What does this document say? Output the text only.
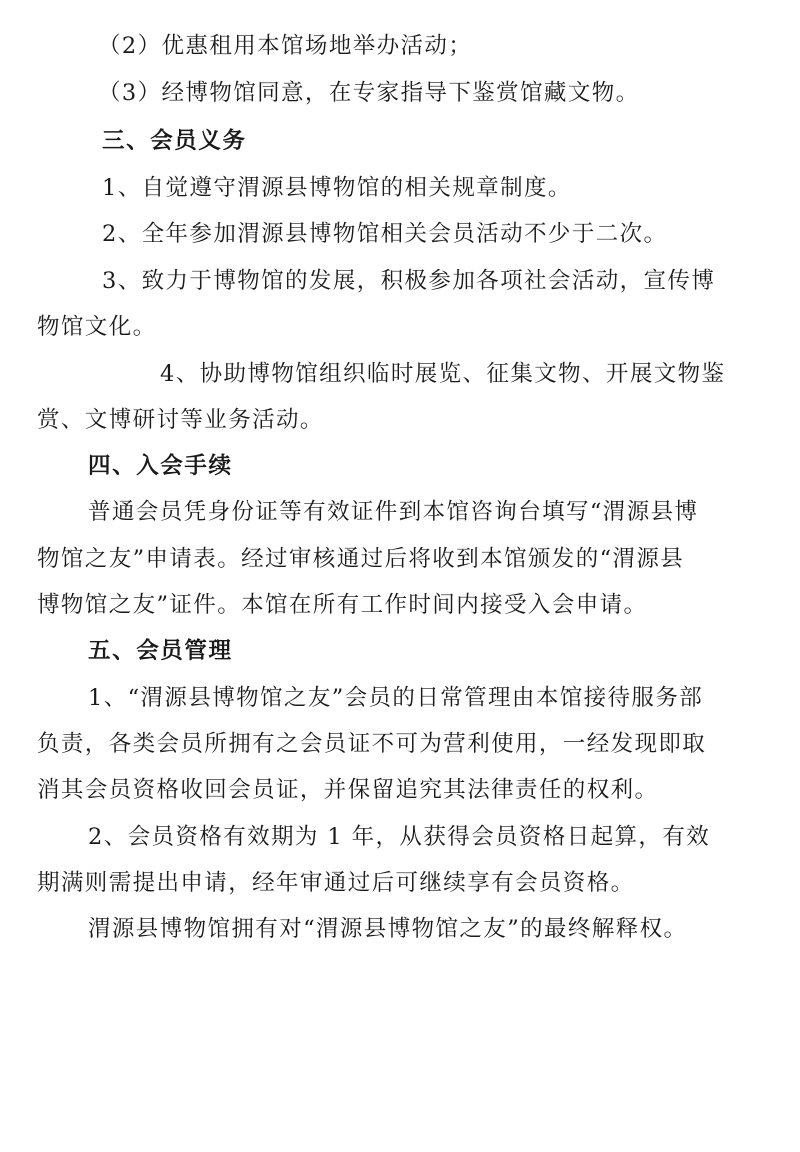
（2）优惠租用本馆场地举办活动；
（3）经博物馆同意，在专家指导下鉴赏馆藏文物。
三、会员义务
1、自觉遵守渭源县博物馆的相关规章制度。
2、全年参加渭源县博物馆相关会员活动不少于二次。
3、致力于博物馆的发展，积极参加各项社会活动，宣传博
物馆文化。
4、协助博物馆组织临时展览、征集文物、开展文物鉴
赏、文博研讨等业务活动。
四、入会手续
普通会员凭身份证等有效证件到本馆咨询台填写“渭源县博
物馆之友”申请表。经过审核通过后将收到本馆颁发的“渭源县
博物馆之友”证件。本馆在所有工作时间内接受入会申请。
五、会员管理
1、“渭源县博物馆之友”会员的日常管理由本馆接待服务部
负责，各类会员所拥有之会员证不可为营利使用，一经发现即取
消其会员资格收回会员证，并保留追究其法律责任的权利。
2、会员资格有效期为 1 年，从获得会员资格日起算，有效
期满则需提出申请，经年审通过后可继续享有会员资格。
渭源县博物馆拥有对“渭源县博物馆之友”的最终解释权。
